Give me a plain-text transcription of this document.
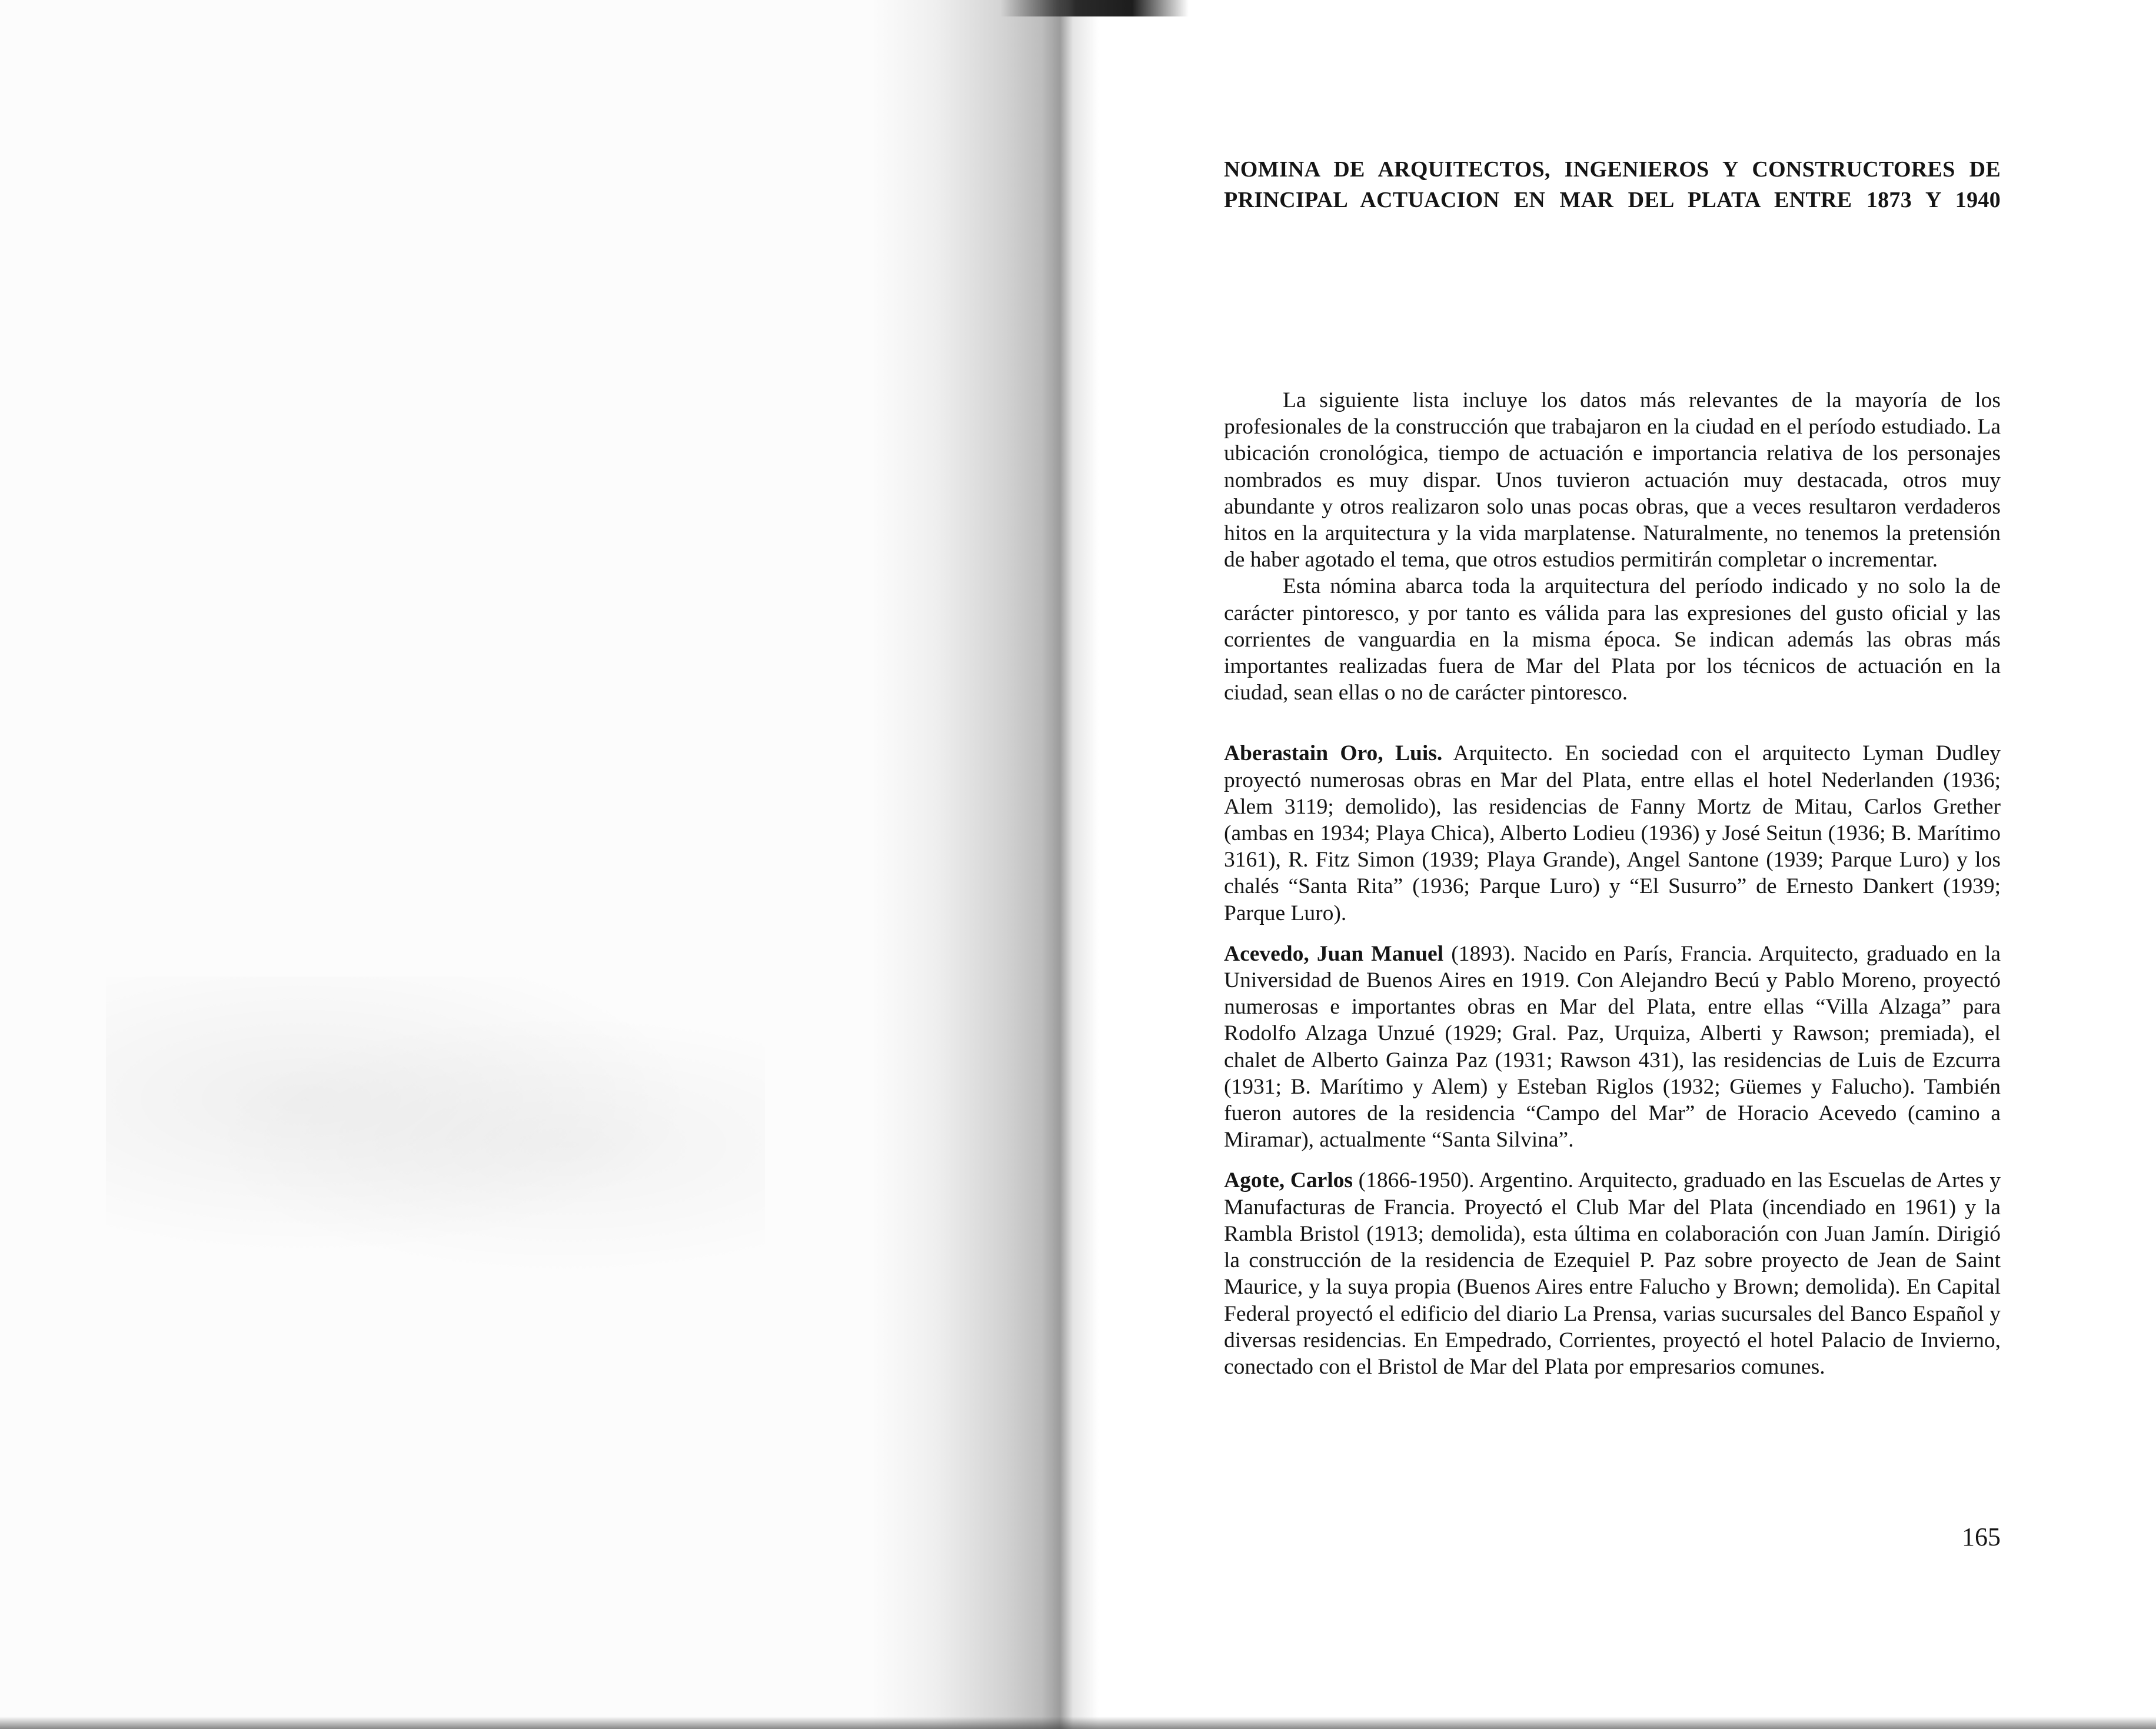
NOMINA DE ARQUITECTOS, INGENIEROS Y CONSTRUCTORES DE
PRINCIPAL ACTUACION EN MAR DEL PLATA ENTRE 1873 Y 1940

La siguiente lista incluye los datos más relevantes de la mayoría de los profesionales de la construcción que trabajaron en la ciudad en el período estudiado. La ubicación cronológica, tiempo de actuación e importancia relativa de los personajes nombrados es muy dispar. Unos tuvieron actuación muy destacada, otros muy abundante y otros realizaron solo unas pocas obras, que a veces resultaron verdaderos hitos en la arquitectura y la vida marplatense. Naturalmente, no tenemos la pretensión de haber agotado el tema, que otros estudios permitirán completar o incrementar.

Esta nómina abarca toda la arquitectura del período indicado y no solo la de carácter pintoresco, y por tanto es válida para las expresiones del gusto oficial y las corrientes de vanguardia en la misma época. Se indican además las obras más importantes realizadas fuera de Mar del Plata por los técnicos de actuación en la ciudad, sean ellas o no de carácter pintoresco.

Aberastain Oro, Luis. Arquitecto. En sociedad con el arquitecto Lyman Dudley proyectó numerosas obras en Mar del Plata, entre ellas el hotel Nederlanden (1936; Alem 3119; demolido), las residencias de Fanny Mortz de Mitau, Carlos Grether (ambas en 1934; Playa Chica), Alberto Lodieu (1936) y José Seitun (1936; B. Marítimo 3161), R. Fitz Simon (1939; Playa Grande), Angel Santone (1939; Parque Luro) y los chalés “Santa Rita” (1936; Parque Luro) y “El Susurro” de Ernesto Dankert (1939; Parque Luro).

Acevedo, Juan Manuel (1893). Nacido en París, Francia. Arquitecto, graduado en la Universidad de Buenos Aires en 1919. Con Alejandro Becú y Pablo Moreno, proyectó numerosas e importantes obras en Mar del Plata, entre ellas “Villa Alzaga” para Rodolfo Alzaga Unzué (1929; Gral. Paz, Urquiza, Alberti y Rawson; premiada), el chalet de Alberto Gainza Paz (1931; Rawson 431), las residencias de Luis de Ezcurra (1931; B. Marítimo y Alem) y Esteban Riglos (1932; Güemes y Falucho). También fueron autores de la residencia “Campo del Mar” de Horacio Acevedo (camino a Miramar), actualmente “Santa Silvina”.

Agote, Carlos (1866-1950). Argentino. Arquitecto, graduado en las Escuelas de Artes y Manufacturas de Francia. Proyectó el Club Mar del Plata (incendiado en 1961) y la Rambla Bristol (1913; demolida), esta última en colaboración con Juan Jamín. Dirigió la construcción de la residencia de Ezequiel P. Paz sobre proyecto de Jean de Saint Maurice, y la suya propia (Buenos Aires entre Falucho y Brown; demolida). En Capital Federal proyectó el edificio del diario La Prensa, varias sucursales del Banco Español y diversas residencias. En Empedrado, Corrientes, proyectó el hotel Palacio de Invierno, conectado con el Bristol de Mar del Plata por empresarios comunes.

165
